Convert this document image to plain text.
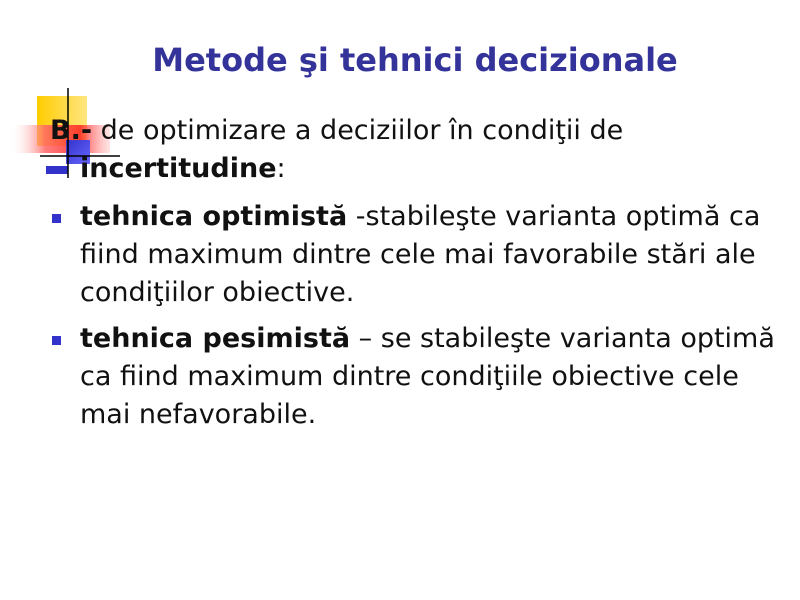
Metode şi tehnici decizionale
B.- de optimizare a deciziilor în condiţii de
incertitudine:
tehnica optimistă -stabileşte varianta optimă ca fiind maximum dintre cele mai favorabile stări ale condiţiilor obiective.
tehnica pesimistă – se stabileşte varianta optimă ca fiind maximum dintre condiţiile obiective cele mai nefavorabile.
